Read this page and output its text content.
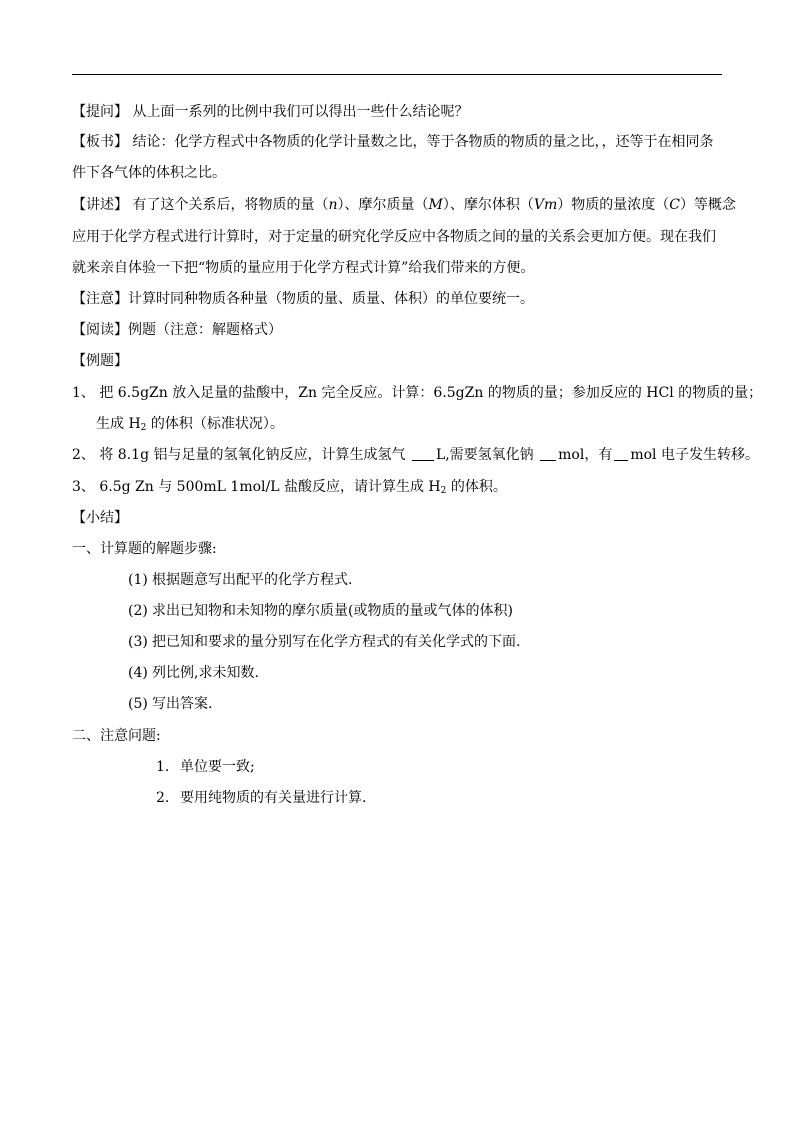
【提问】 从上面一系列的比例中我们可以得出一些什么结论呢？
【板书】 结论：化学方程式中各物质的化学计量数之比，等于各物质的物质的量之比，，还等于在相同条
件下各气体的体积之比。
【讲述】 有了这个关系后，将物质的量（n）、摩尔质量（M）、摩尔体积（Vm）物质的量浓度（C）等概念
应用于化学方程式进行计算时，对于定量的研究化学反应中各物质之间的量的关系会更加方便。现在我们
就来亲自体验一下把“物质的量应用于化学方程式计算”给我们带来的方便。
【注意】计算时同种物质各种量（物质的量、质量、体积）的单位要统一。
【阅读】例题（注意：解题格式）
【例题】
1、 把 6.5gZn 放入足量的盐酸中，Zn 完全反应。计算：6.5gZn 的物质的量；参加反应的 HCl 的物质的量；
生成 $H_2$ 的体积（标准状况）。
2、 将 8.1g 铝与足量的氢氧化钠反应，计算生成氢气 L,需要氢氧化钠 mol，有 mol 电子发生转移。
3、 6.5g Zn 与 500mL 1mol/L 盐酸反应，请计算生成 $H_2$ 的体积。
【小结】
一、计算题的解题步骤:
(1) 根据题意写出配平的化学方程式.
(2) 求出已知物和未知物的摩尔质量(或物质的量或气体的体积)
(3) 把已知和要求的量分别写在化学方程式的有关化学式的下面.
(4) 列比例,求未知数.
(5) 写出答案.
二、注意问题:
1. 单位要一致;
2. 要用纯物质的有关量进行计算.
